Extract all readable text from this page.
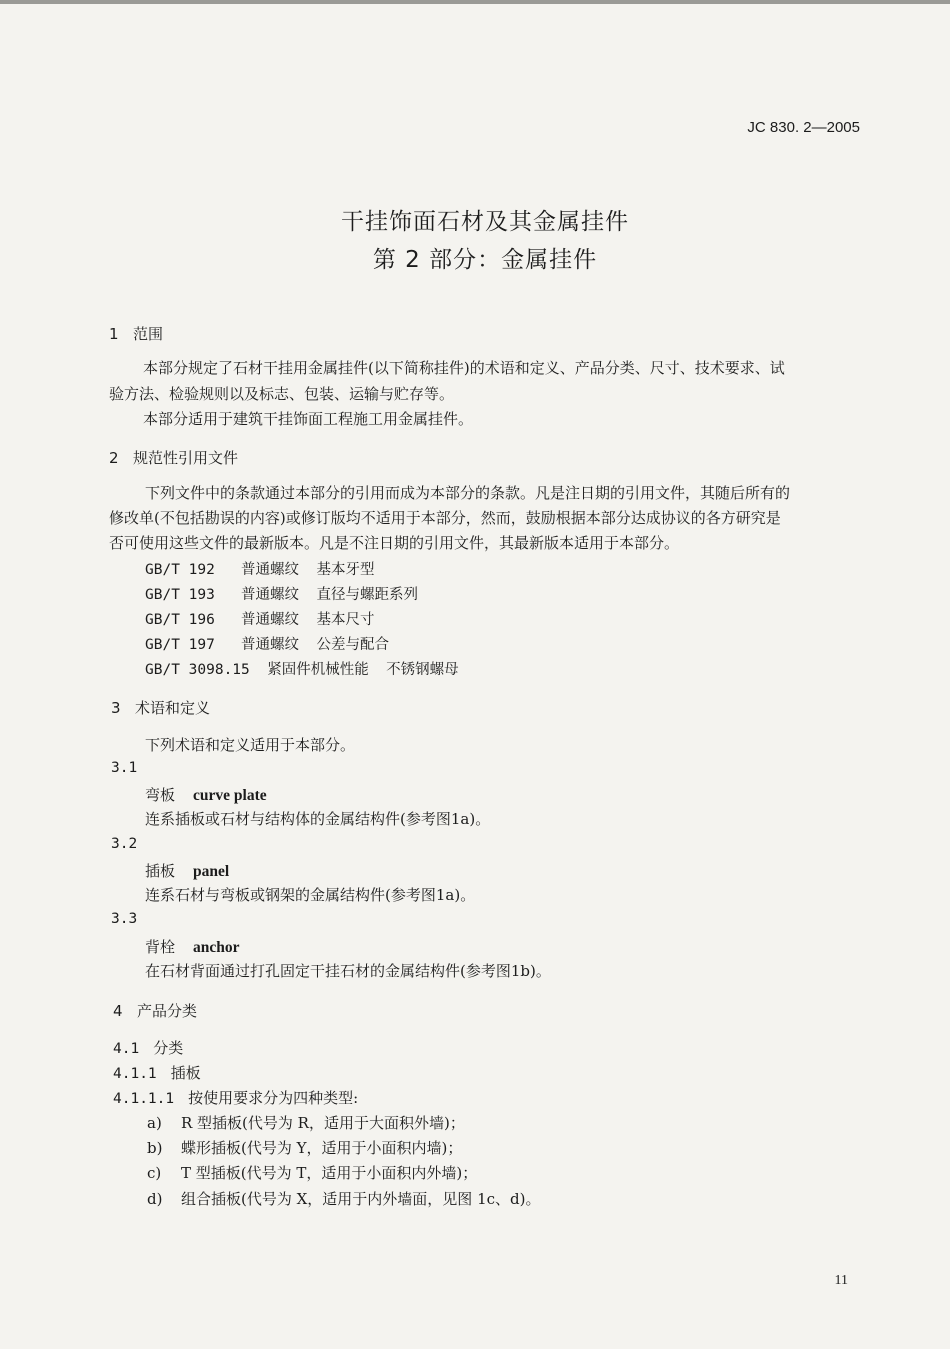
JC 830. 2—2005
干挂饰面石材及其金属挂件
第 2 部分：金属挂件
1 范围
本部分规定了石材干挂用金属挂件(以下简称挂件)的术语和定义、产品分类、尺寸、技术要求、试
验方法、检验规则以及标志、包装、运输与贮存等。
本部分适用于建筑干挂饰面工程施工用金属挂件。
2 规范性引用文件
下列文件中的条款通过本部分的引用而成为本部分的条款。凡是注日期的引用文件，其随后所有的
修改单(不包括勘误的内容)或修订版均不适用于本部分，然而，鼓励根据本部分达成协议的各方研究是
否可使用这些文件的最新版本。凡是不注日期的引用文件，其最新版本适用于本部分。
GB/T 192   普通螺纹  基本牙型
GB/T 193   普通螺纹  直径与螺距系列
GB/T 196   普通螺纹  基本尺寸
GB/T 197   普通螺纹  公差与配合
GB/T 3098.15  紧固件机械性能  不锈钢螺母
3 术语和定义
下列术语和定义适用于本部分。
3.1
弯板 curve plate
连系插板或石材与结构体的金属结构件(参考图1a)。
3.2
插板 panel
连系石材与弯板或钢架的金属结构件(参考图1a)。
3.3
背栓 anchor
在石材背面通过打孔固定干挂石材的金属结构件(参考图1b)。
4 产品分类
4.1 分类
4.1.1 插板
4.1.1.1 按使用要求分为四种类型:
a) R 型插板(代号为 R，适用于大面积外墙)；
b) 蝶形插板(代号为 Y，适用于小面积内墙)；
c) T 型插板(代号为 T，适用于小面积内外墙)；
d) 组合插板(代号为 X，适用于内外墙面，见图 1c、d)。
11
